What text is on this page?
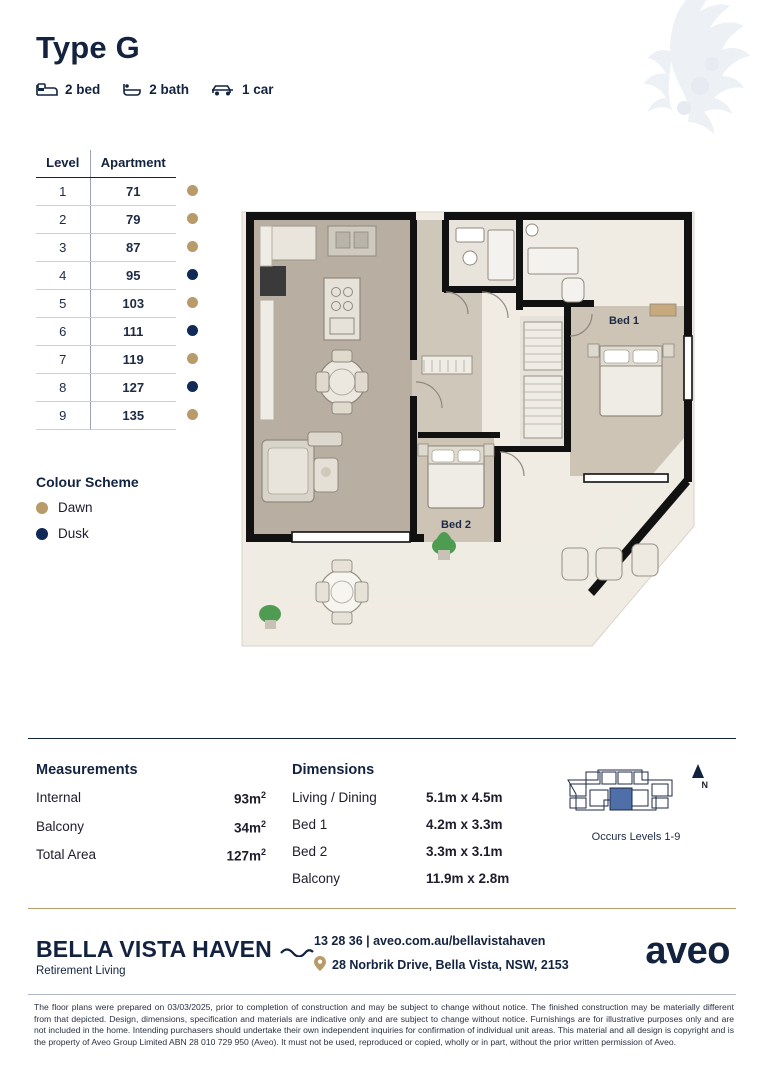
Type G
2 bed	2 bath	1 car
Level	Apartment	
1	71	
2	79	
3	87	
4	95	
5	103	
6	111	
7	119	
8	127	
9	135	
Colour Scheme
Dawn
Dusk
Bed 2
Bed 1
Measurements
Internal	$93m^2$
Balcony	$34m^2$
Total Area	$127m^2$
Dimensions
Living / Dining	5.1m x 4.5m
Bed 1	4.2m x 3.3m
Bed 2	3.3m x 3.1m
Balcony	11.9m x 2.8m
N
Occurs Levels 1-9
BELLA VISTA HAVEN
Retirement Living
13 28 36 | aveo.com.au/bellavistahaven
28 Norbrik Drive, Bella Vista, NSW, 2153 aveo
The floor plans were prepared on 03/03/2025, prior to completion of construction and may be subject to change without notice. The finished construction may be materially different from that depicted. Design, dimensions, specification and materials are indicative only and are subject to change without notice. Furnishings are for illustrative purposes only and are not included in the home. Intending purchasers should undertake their own independent inquiries for confirmation of individual unit areas. This material and all design is copyright and is the property of Aveo Group Limited ABN 28 010 729 950 (Aveo). It must not be used, reproduced or copied, wholly or in part, without the prior written permission of Aveo.
